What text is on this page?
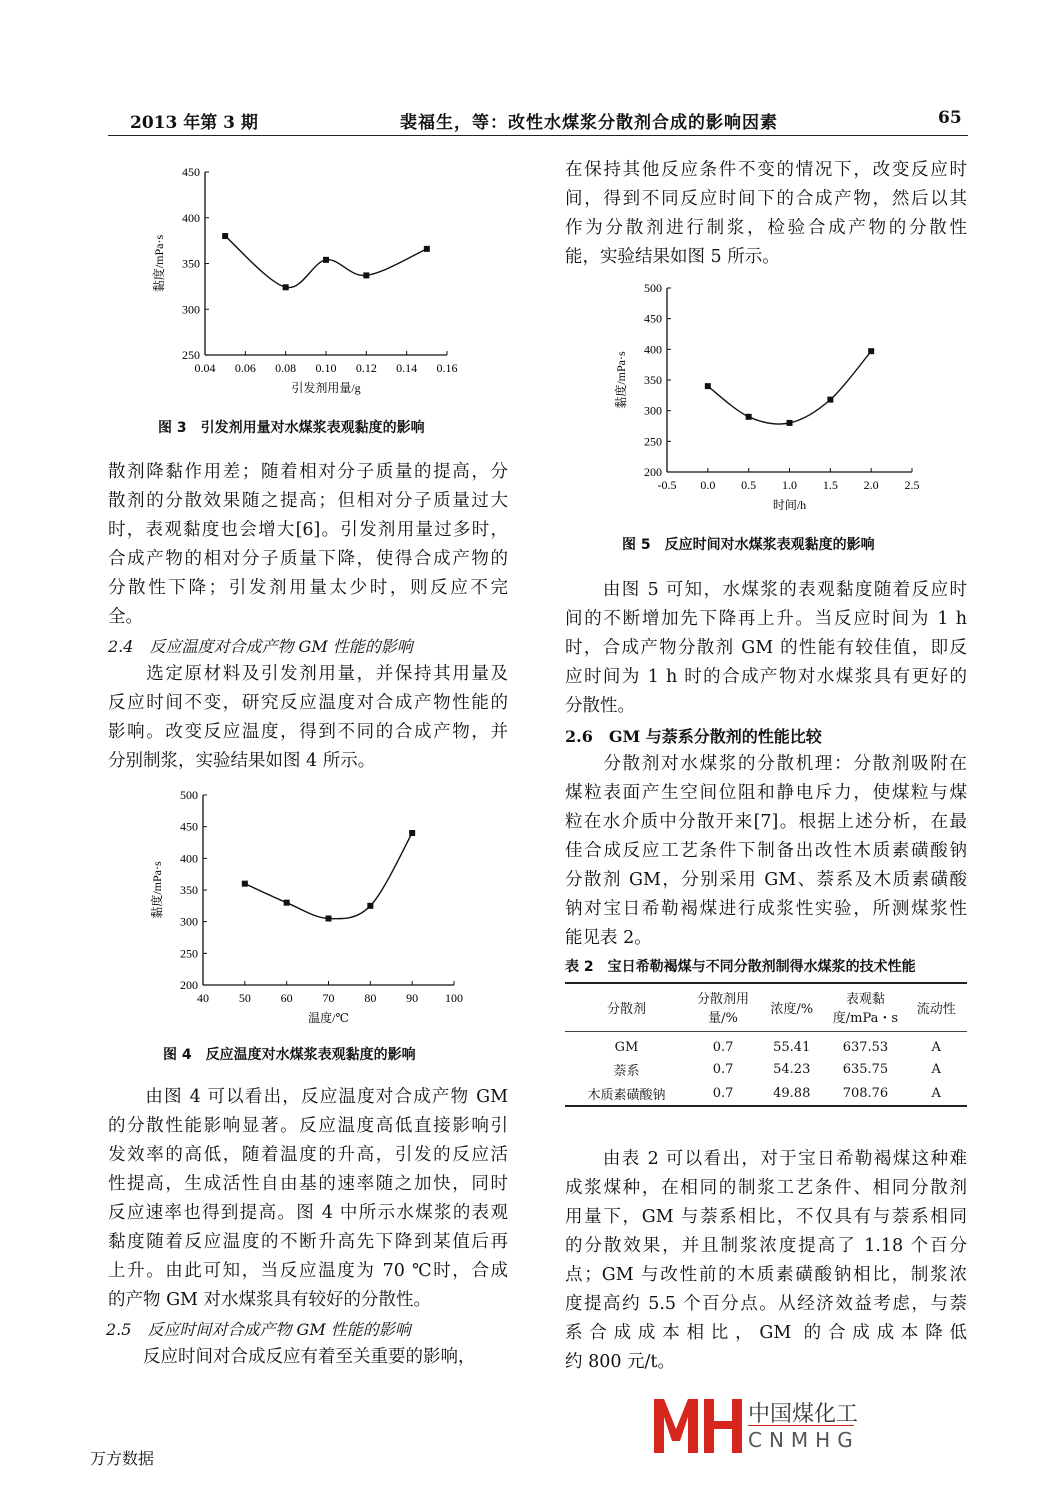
2013 年第 3 期	裴福生，等：改性水煤浆分散剂合成的影响因素	65
250
300
350
400
450
0.04 0.06 0.08 0.10 0.12 0.14 0.16
引发剂用量/g
黏度/mPa·s
图 3　引发剂用量对水煤浆表观黏度的影响
散剂降黏作用差；随着相对分子质量的提高，分
散剂的分散效果随之提高；但相对分子质量过大
时，表观黏度也会增大[6]。引发剂用量过多时，
合成产物的相对分子质量下降，使得合成产物的
分散性下降；引发剂用量太少时，则反应不完
全。
2.4　反应温度对合成产物 GM 性能的影响
　　选定原材料及引发剂用量，并保持其用量及
反应时间不变，研究反应温度对合成产物性能的
影响。改变反应温度，得到不同的合成产物，并
分别制浆，实验结果如图 4 所示。
200
250
300
350
400
450
500
40 50 60 70 80 90 100
温度/℃
黏度/mPa·s
图 4　反应温度对水煤浆表观黏度的影响
　　由图 4 可以看出，反应温度对合成产物 GM
的分散性能影响显著。反应温度高低直接影响引
发效率的高低，随着温度的升高，引发的反应活
性提高，生成活性自由基的速率随之加快，同时
反应速率也得到提高。图 4 中所示水煤浆的表观
黏度随着反应温度的不断升高先下降到某值后再
上升。由此可知，当反应温度为 70 ℃时，合成
的产物 GM 对水煤浆具有较好的分散性。
2.5　反应时间对合成产物 GM 性能的影响
　　反应时间对合成反应有着至关重要的影响，
在保持其他反应条件不变的情况下，改变反应时
间，得到不同反应时间下的合成产物，然后以其
作为分散剂进行制浆，检验合成产物的分散性
能，实验结果如图 5 所示。
200
250
300
350
400
450
500
-0.5 0.0 0.5 1.0 1.5 2.0 2.5
时间/h
黏度/mPa·s
图 5　反应时间对水煤浆表观黏度的影响
　　由图 5 可知，水煤浆的表观黏度随着反应时
间的不断增加先下降再上升。当反应时间为 1 h
时，合成产物分散剂 GM 的性能有较佳值，即反
应时间为 1 h 时的合成产物对水煤浆具有更好的
分散性。
2.6　GM 与萘系分散剂的性能比较
　　分散剂对水煤浆的分散机理：分散剂吸附在
煤粒表面产生空间位阻和静电斥力，使煤粒与煤
粒在水介质中分散开来[7]。根据上述分析，在最
佳合成反应工艺条件下制备出改性木质素磺酸钠
分散剂 GM，分别采用 GM、萘系及木质素磺酸
钠对宝日希勒褐煤进行成浆性实验，所测煤浆性
能见表 2。
表 2　宝日希勒褐煤与不同分散剂制得水煤浆的技术性能
分散剂	分散剂用量/%	浓度/%	表观黏度/mPa・s	流动性
GM	0.7	55.41	637.53	A
萘系	0.7	54.23	635.75	A
木质素磺酸钠	0.7	49.88	708.76	A
　　由表 2 可以看出，对于宝日希勒褐煤这种难
成浆煤种，在相同的制浆工艺条件、相同分散剂
用量下，GM 与萘系相比，不仅具有与萘系相同
的分散效果，并且制浆浓度提高了 1.18 个百分
点；GM 与改性前的木质素磺酸钠相比，制浆浓
度提高约 5.5 个百分点。从经济效益考虑，与萘
系合成成本相比，GM 的合成成本降低
约 800 元/t。
中国煤化工
CNMHG
万方数据
